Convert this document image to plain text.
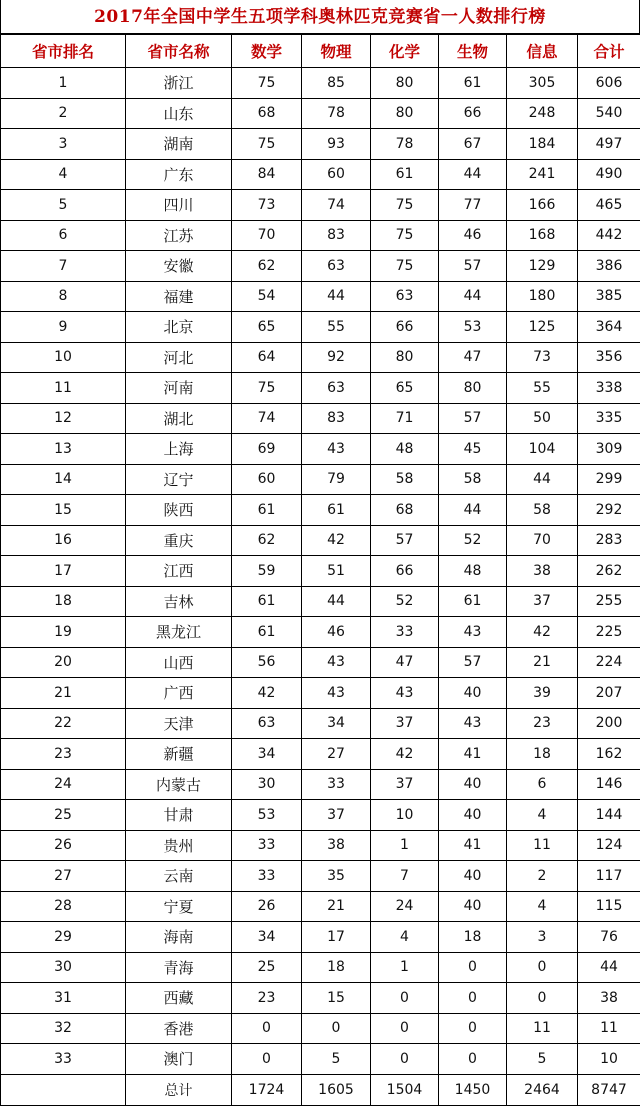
2017年全国中学生五项学科奥林匹克竞赛省一人数排行榜
省市排名	省市名称	数学	物理	化学	生物	信息	合计
1	浙江	75	85	80	61	305	606
2	山东	68	78	80	66	248	540
3	湖南	75	93	78	67	184	497
4	广东	84	60	61	44	241	490
5	四川	73	74	75	77	166	465
6	江苏	70	83	75	46	168	442
7	安徽	62	63	75	57	129	386
8	福建	54	44	63	44	180	385
9	北京	65	55	66	53	125	364
10	河北	64	92	80	47	73	356
11	河南	75	63	65	80	55	338
12	湖北	74	83	71	57	50	335
13	上海	69	43	48	45	104	309
14	辽宁	60	79	58	58	44	299
15	陕西	61	61	68	44	58	292
16	重庆	62	42	57	52	70	283
17	江西	59	51	66	48	38	262
18	吉林	61	44	52	61	37	255
19	黑龙江	61	46	33	43	42	225
20	山西	56	43	47	57	21	224
21	广西	42	43	43	40	39	207
22	天津	63	34	37	43	23	200
23	新疆	34	27	42	41	18	162
24	内蒙古	30	33	37	40	6	146
25	甘肃	53	37	10	40	4	144
26	贵州	33	38	1	41	11	124
27	云南	33	35	7	40	2	117
28	宁夏	26	21	24	40	4	115
29	海南	34	17	4	18	3	76
30	青海	25	18	1	0	0	44
31	西藏	23	15	0	0	0	38
32	香港	0	0	0	0	11	11
33	澳门	0	5	0	0	5	10
	总计	1724	1605	1504	1450	2464	8747
